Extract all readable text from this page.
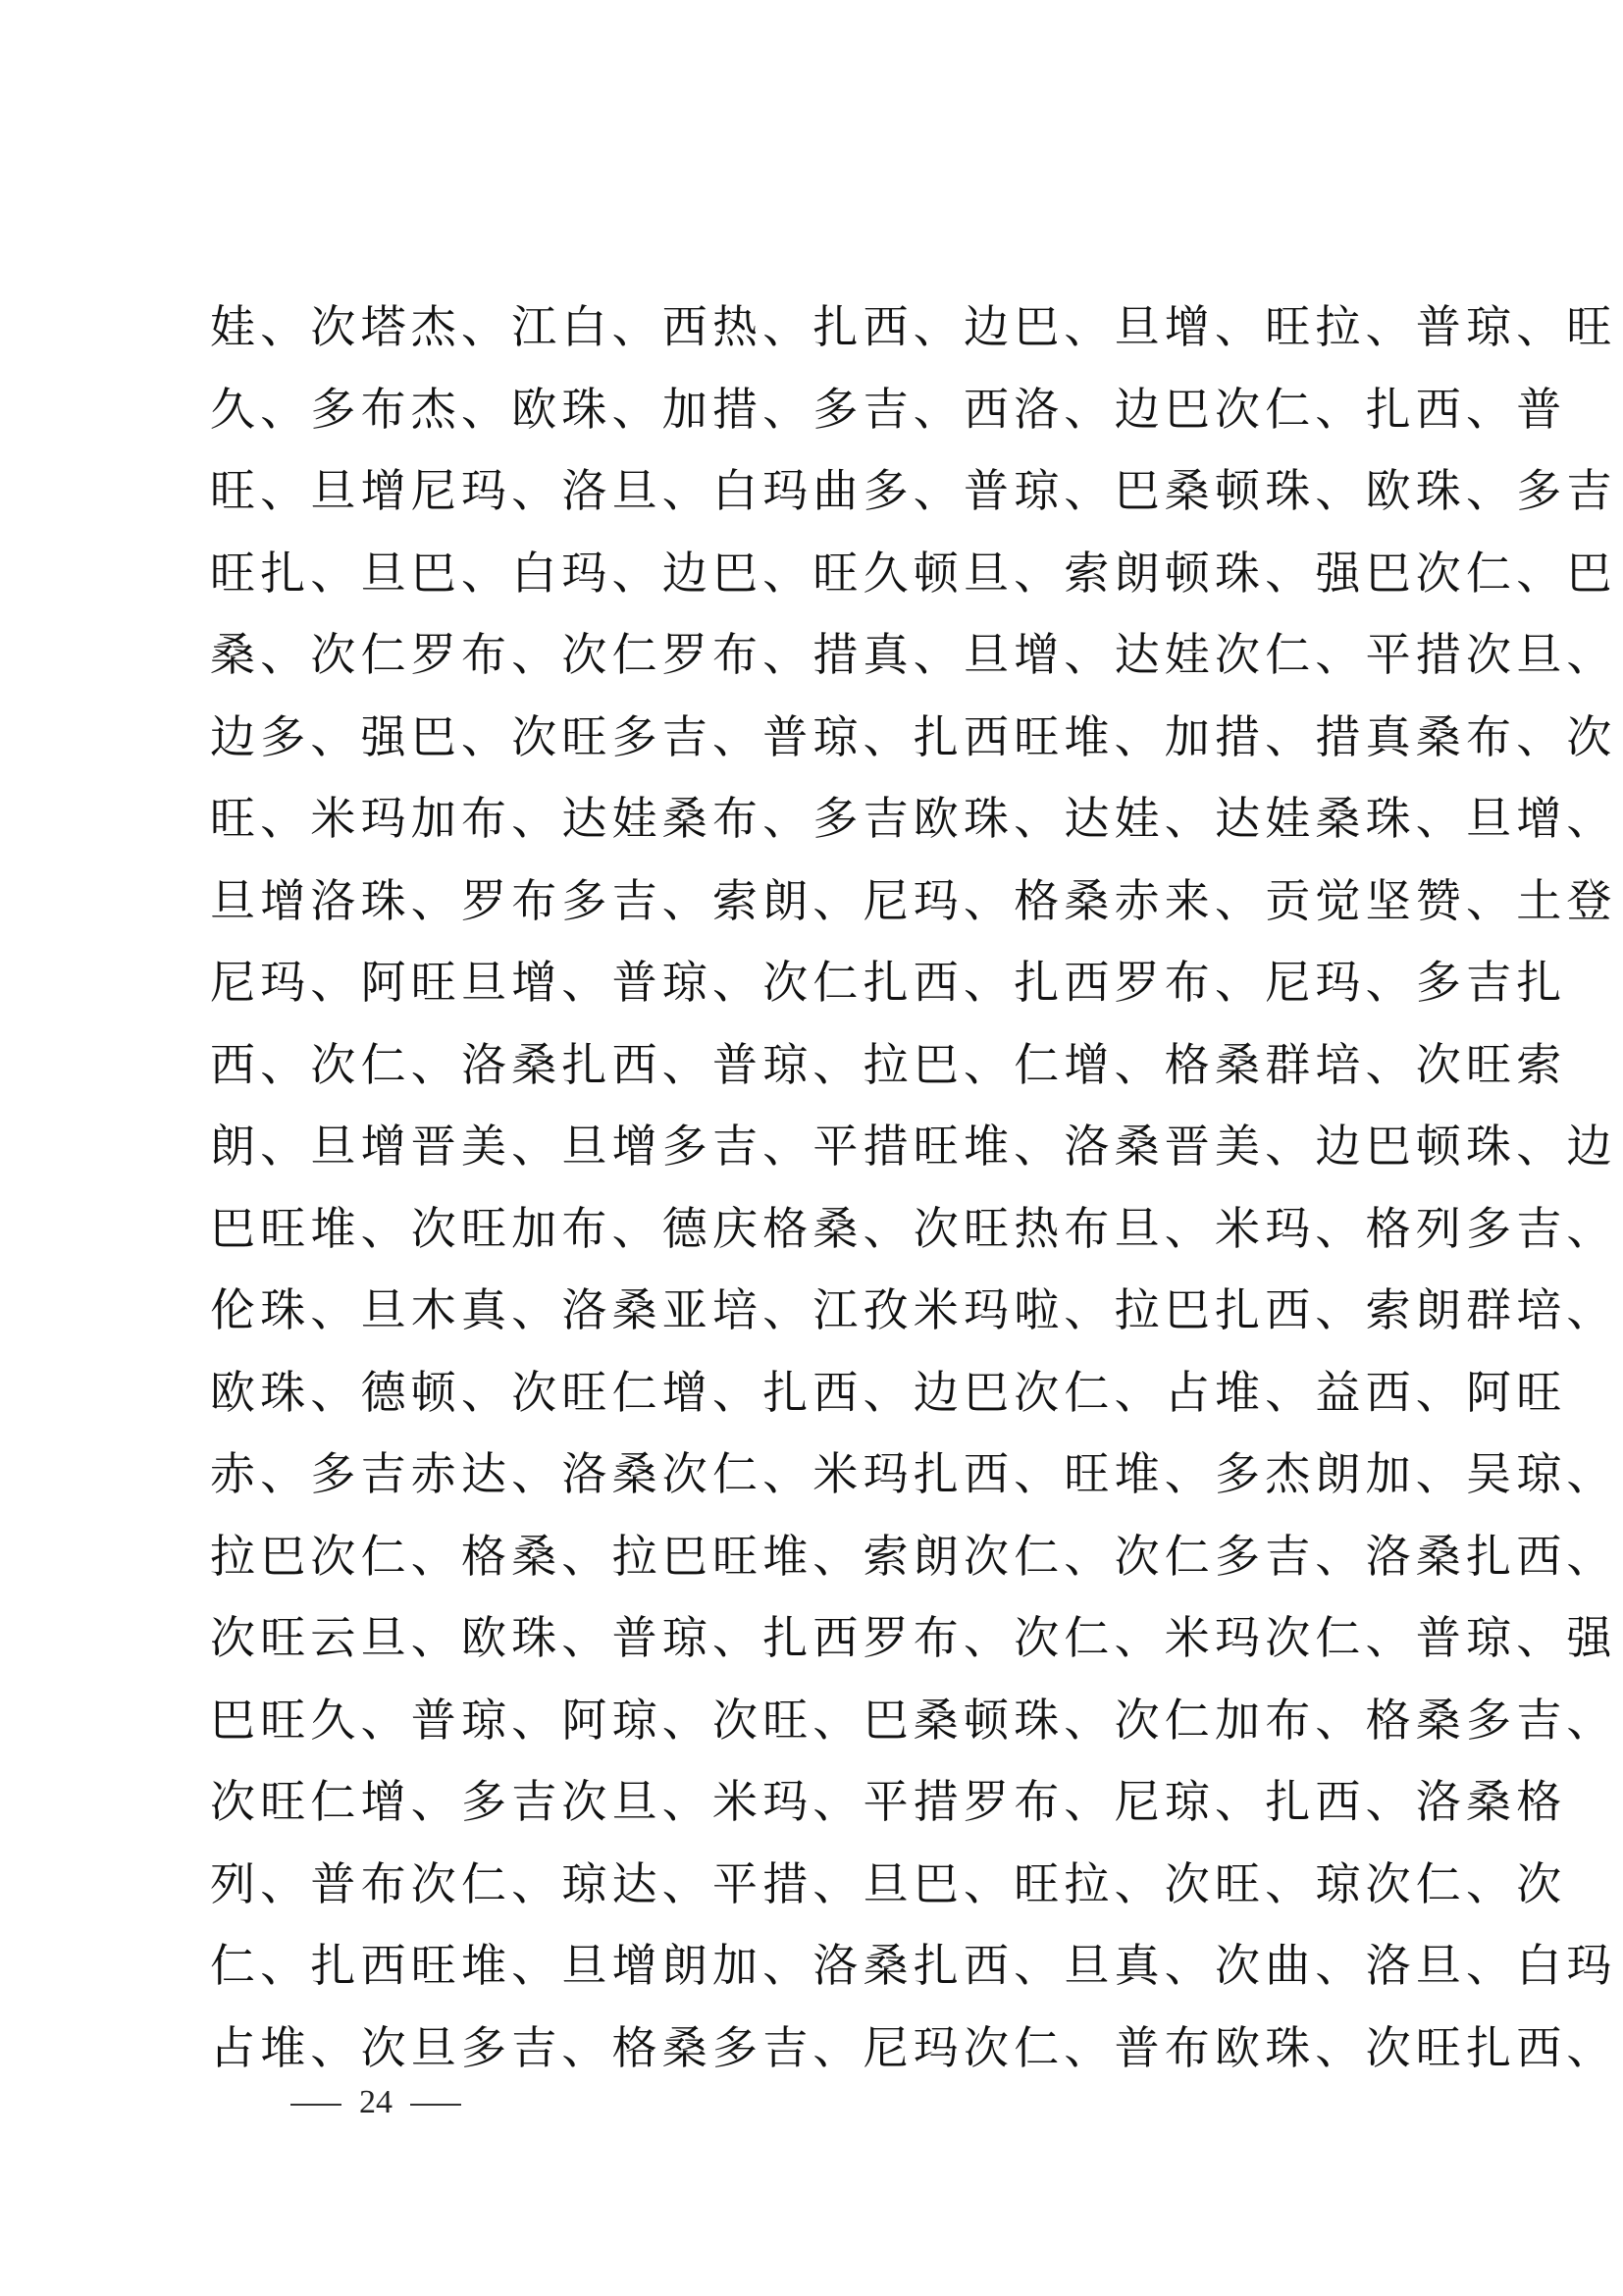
娃、次塔杰、江白、西热、扎西、边巴、旦增、旺拉、普琼、旺
久、多布杰、欧珠、加措、多吉、西洛、边巴次仁、扎西、普
旺、旦增尼玛、洛旦、白玛曲多、普琼、巴桑顿珠、欧珠、多吉
旺扎、旦巴、白玛、边巴、旺久顿旦、索朗顿珠、强巴次仁、巴
桑、次仁罗布、次仁罗布、措真、旦增、达娃次仁、平措次旦、
边多、强巴、次旺多吉、普琼、扎西旺堆、加措、措真桑布、次
旺、米玛加布、达娃桑布、多吉欧珠、达娃、达娃桑珠、旦增、
旦增洛珠、罗布多吉、索朗、尼玛、格桑赤来、贡觉坚赞、土登
尼玛、阿旺旦增、普琼、次仁扎西、扎西罗布、尼玛、多吉扎
西、次仁、洛桑扎西、普琼、拉巴、仁增、格桑群培、次旺索
朗、旦增晋美、旦增多吉、平措旺堆、洛桑晋美、边巴顿珠、边
巴旺堆、次旺加布、德庆格桑、次旺热布旦、米玛、格列多吉、
伦珠、旦木真、洛桑亚培、江孜米玛啦、拉巴扎西、索朗群培、
欧珠、德顿、次旺仁增、扎西、边巴次仁、占堆、益西、阿旺
赤、多吉赤达、洛桑次仁、米玛扎西、旺堆、多杰朗加、吴琼、
拉巴次仁、格桑、拉巴旺堆、索朗次仁、次仁多吉、洛桑扎西、
次旺云旦、欧珠、普琼、扎西罗布、次仁、米玛次仁、普琼、强
巴旺久、普琼、阿琼、次旺、巴桑顿珠、次仁加布、格桑多吉、
次旺仁增、多吉次旦、米玛、平措罗布、尼琼、扎西、洛桑格
列、普布次仁、琼达、平措、旦巴、旺拉、次旺、琼次仁、次
仁、扎西旺堆、旦增朗加、洛桑扎西、旦真、次曲、洛旦、白玛
占堆、次旦多吉、格桑多吉、尼玛次仁、普布欧珠、次旺扎西、
24
